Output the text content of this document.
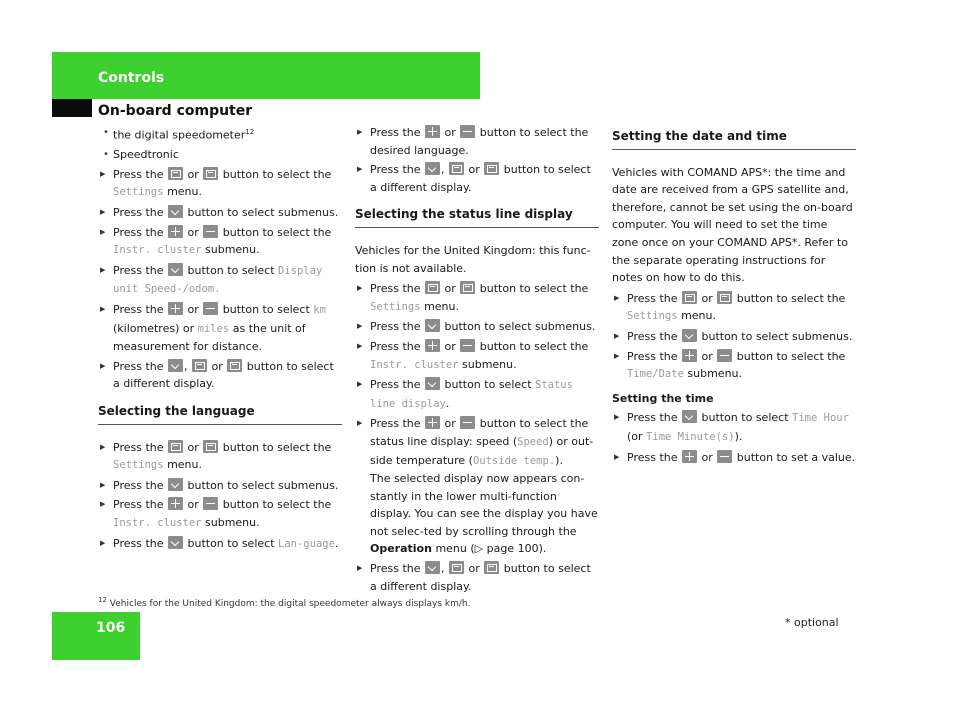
Controls
On-board computer
• the digital speedometer$^{12}$
• Speedtronic
▶ Press the or button to select the Settings menu.
▶ Press the button to select submenus.
▶ Press the or button to select the Instr. cluster submenu.
▶ Press the button to select Display unit Speed-/odom.
▶ Press the or button to select km (kilometres) or miles as the unit of measurement for distance.
▶ Press the , or button to select a different display.
Selecting the language
▶ Press the or button to select the Settings menu.
▶ Press the button to select submenus.
▶ Press the or button to select the Instr. cluster submenu.
▶ Press the button to select Lan-guage.
▶ Press the or button to select the desired language.
▶ Press the , or button to select a different display.
Selecting the status line display
Vehicles for the United Kingdom: this func-tion is not available.
▶ Press the or button to select the Settings menu.
▶ Press the button to select submenus.
▶ Press the or button to select the Instr. cluster submenu.
▶ Press the button to select Status line display.
▶ Press the or button to select the status line display: speed (Speed) or out-side temperature (Outside temp.).
The selected display now appears con-stantly in the lower multi-function display. You can see the display you have not selec-ted by scrolling through the Operation menu (▷ page 100).
▶ Press the , or button to select a different display.
Setting the date and time
Vehicles with COMAND APS*: the time and date are received from a GPS satellite and, therefore, cannot be set using the on-board computer. You will need to set the time zone once on your COMAND APS*. Refer to the separate operating instructions for notes on how to do this.
▶ Press the or button to select the Settings menu.
▶ Press the button to select submenus.
▶ Press the or button to select the Time/Date submenu.
Setting the time
▶ Press the button to select Time Hour (or Time Minute(s)).
▶ Press the or button to set a value.
$^{12}$ Vehicles for the United Kingdom: the digital speedometer always displays km/h.
106	* optional
